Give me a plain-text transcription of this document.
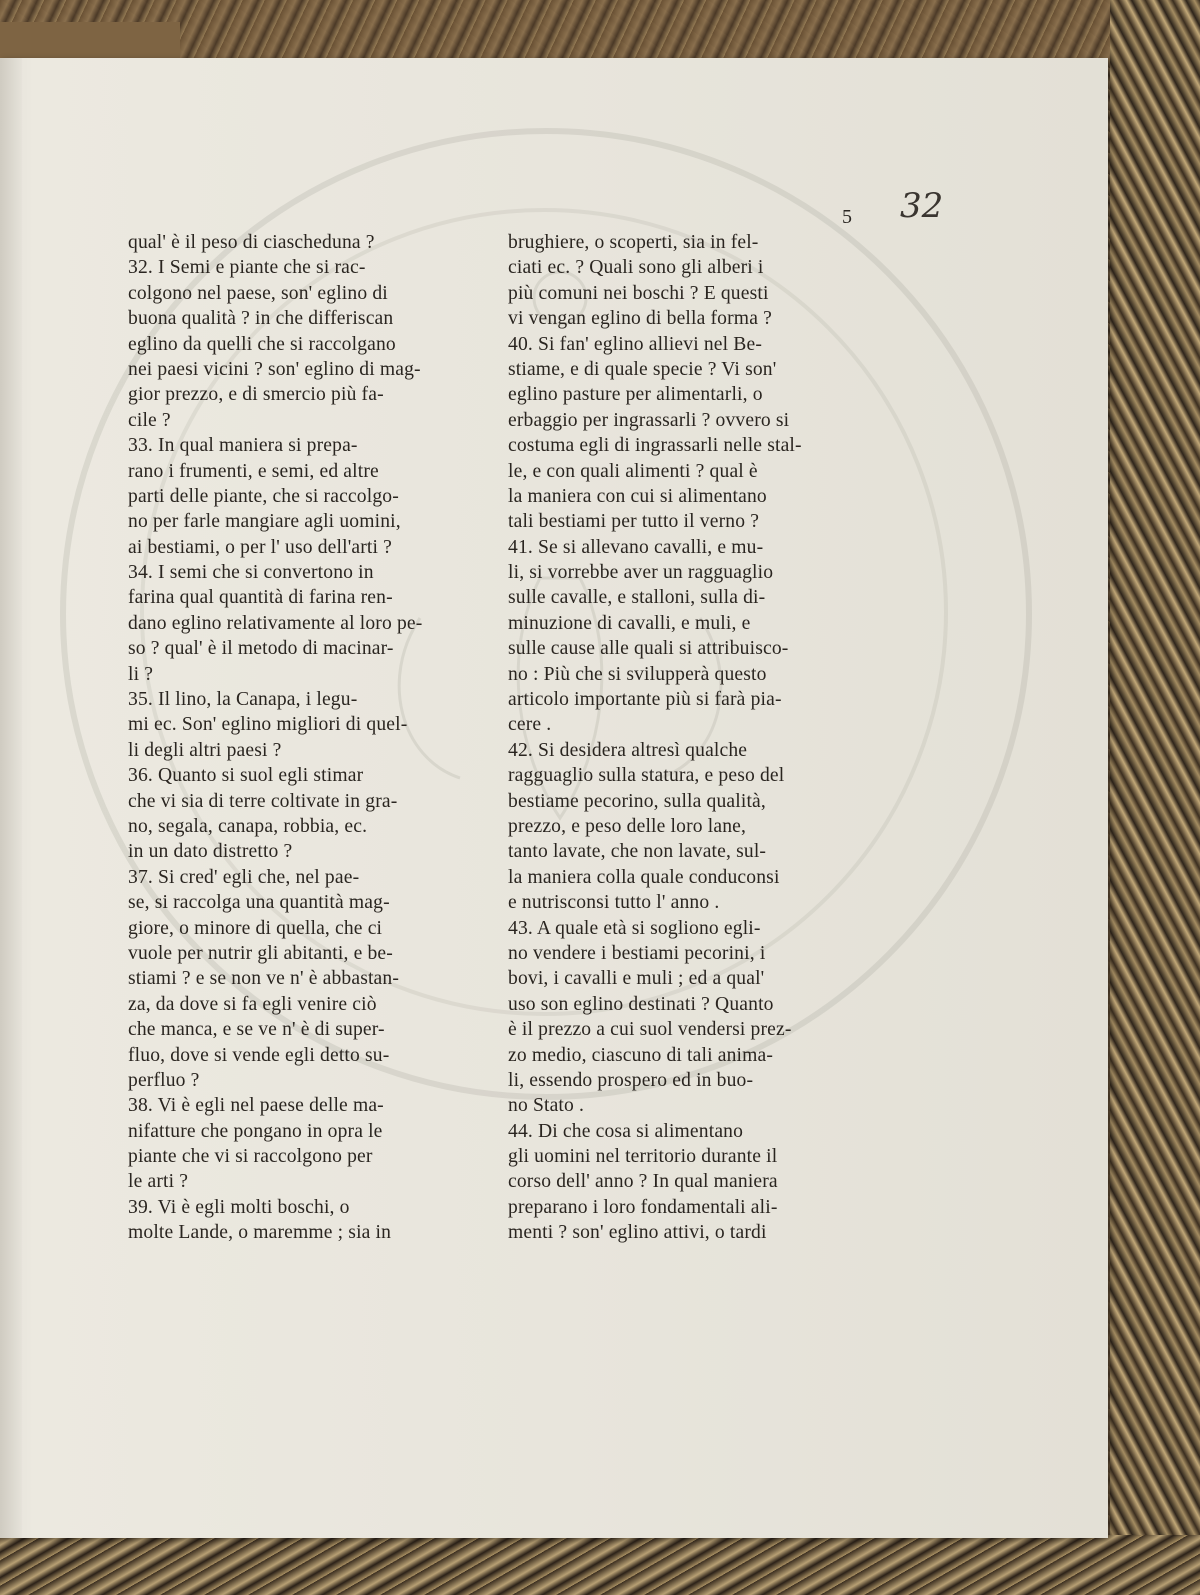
32
5
qual' è il peso di ciascheduna ?
32. I Semi e piante che si rac-
colgono nel paese, son' eglino di
buona qualità ? in che differiscan
eglino da quelli che si raccolgano
nei paesi vicini ? son' eglino di mag-
gior prezzo, e di smercio più fa-
cile ?
33. In qual maniera si prepa-
rano i frumenti, e semi, ed altre
parti delle piante, che si raccolgo-
no per farle mangiare agli uomini,
ai bestiami, o per l' uso dell'arti ?
34. I semi che si convertono in
farina qual quantità di farina ren-
dano eglino relativamente al loro pe-
so ? qual' è il metodo di macinar-
li ?
35. Il lino, la Canapa, i legu-
mi ec. Son' eglino migliori di quel-
li degli altri paesi ?
36. Quanto si suol egli stimar
che vi sia di terre coltivate in gra-
no, segala, canapa, robbia, ec.
in un dato distretto ?
37. Si cred' egli che, nel pae-
se, si raccolga una quantità mag-
giore, o minore di quella, che ci
vuole per nutrir gli abitanti, e be-
stiami ? e se non ve n' è abbastan-
za, da dove si fa egli venire ciò
che manca, e se ve n' è di super-
fluo, dove si vende egli detto su-
perfluo ?
38. Vi è egli nel paese delle ma-
nifatture che pongano in opra le
piante che vi si raccolgono per
le arti ?
39. Vi è egli molti boschi, o
molte Lande, o maremme ; sia in
brughiere, o scoperti, sia in fel-
ciati ec. ? Quali sono gli alberi i
più comuni nei boschi ? E questi
vi vengan eglino di bella forma ?
40. Si fan' eglino allievi nel Be-
stiame, e di quale specie ? Vi son'
eglino pasture per alimentarli, o
erbaggio per ingrassarli ? ovvero si
costuma egli di ingrassarli nelle stal-
le, e con quali alimenti ? qual è
la maniera con cui si alimentano
tali bestiami per tutto il verno ?
41. Se si allevano cavalli, e mu-
li, si vorrebbe aver un ragguaglio
sulle cavalle, e stalloni, sulla di-
minuzione di cavalli, e muli, e
sulle cause alle quali si attribuisco-
no : Più che si svilupperà questo
articolo importante più si farà pia-
cere .
42. Si desidera altresì qualche
ragguaglio sulla statura, e peso del
bestiame pecorino, sulla qualità,
prezzo, e peso delle loro lane,
tanto lavate, che non lavate, sul-
la maniera colla quale conduconsi
e nutrisconsi tutto l' anno .
43. A quale età si sogliono egli-
no vendere i bestiami pecorini, i
bovi, i cavalli e muli ; ed a qual'
uso son eglino destinati ? Quanto
è il prezzo a cui suol vendersi prez-
zo medio, ciascuno di tali anima-
li, essendo prospero ed in buo-
no Stato .
44. Di che cosa si alimentano
gli uomini nel territorio durante il
corso dell' anno ? In qual maniera
preparano i loro fondamentali ali-
menti ? son' eglino attivi, o tardi
